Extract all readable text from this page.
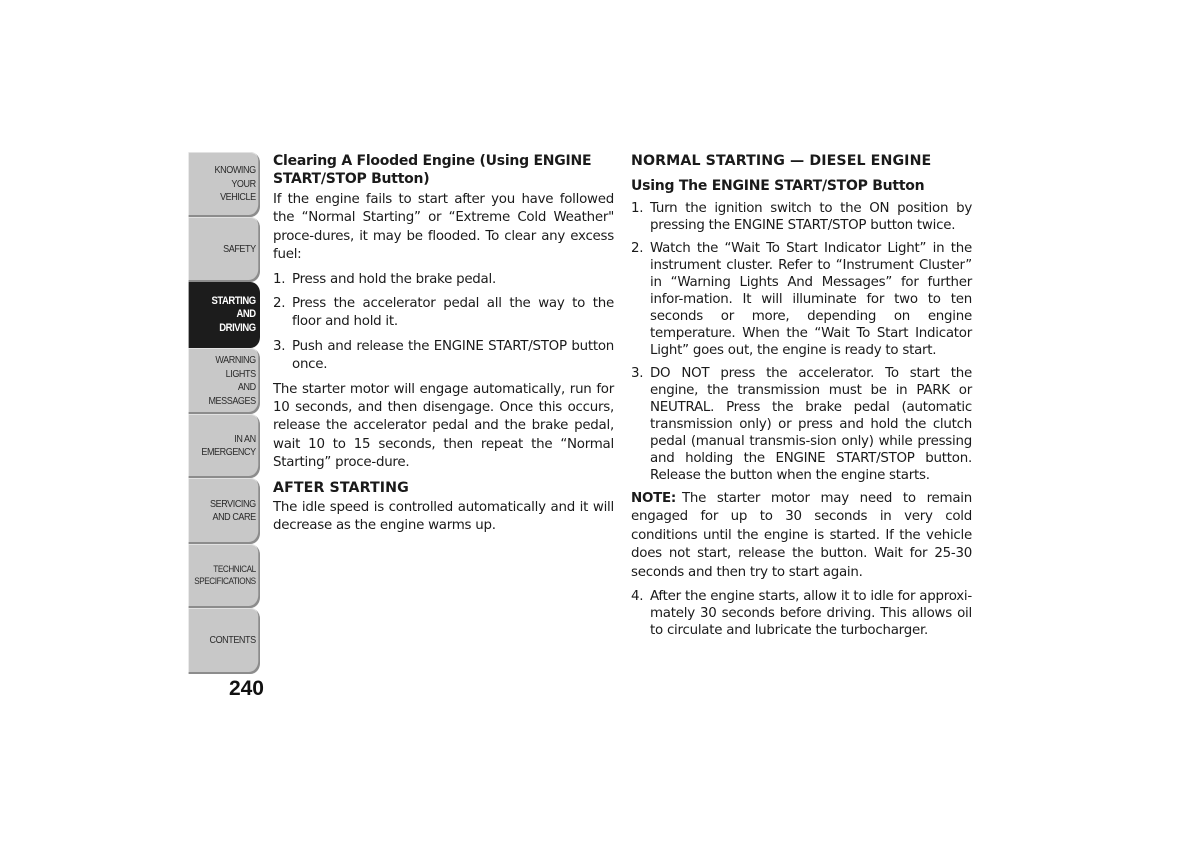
KNOWING
YOUR
VEHICLE
SAFETY
STARTING
AND
DRIVING
WARNING
LIGHTS
AND
MESSAGES
IN AN
EMERGENCY
SERVICING
AND CARE
TECHNICAL
SPECIFICATIONS
CONTENTS
240
Clearing A Flooded Engine (Using ENGINE START/STOP Button)

If the engine fails to start after you have followed the “Normal Starting” or “Extreme Cold Weather" proce-dures, it may be flooded. To clear any excess fuel:

1. Press and hold the brake pedal.
2. Press the accelerator pedal all the way to the floor and hold it.
3. Push and release the ENGINE START/STOP button once.

The starter motor will engage automatically, run for 10 seconds, and then disengage. Once this occurs, release the accelerator pedal and the brake pedal, wait 10 to 15 seconds, then repeat the “Normal Starting” proce-dure.

AFTER STARTING

The idle speed is controlled automatically and it will decrease as the engine warms up.

NORMAL STARTING — DIESEL ENGINE
Using The ENGINE START/STOP Button
1. Turn the ignition switch to the ON position by pressing the ENGINE START/STOP button twice.
2. Watch the “Wait To Start Indicator Light” in the instrument cluster. Refer to “Instrument Cluster” in “Warning Lights And Messages” for further infor-mation. It will illuminate for two to ten seconds or more, depending on engine temperature. When the “Wait To Start Indicator Light” goes out, the engine is ready to start.
3. DO NOT press the accelerator. To start the engine, the transmission must be in PARK or NEUTRAL. Press the brake pedal (automatic transmission only) or press and hold the clutch pedal (manual transmis-sion only) while pressing and holding the ENGINE START/STOP button. Release the button when the engine starts.

NOTE: The starter motor may need to remain engaged for up to 30 seconds in very cold conditions until the engine is started. If the vehicle does not start, release the button. Wait for 25-30 seconds and then try to start again.

4. After the engine starts, allow it to idle for approxi-mately 30 seconds before driving. This allows oil to circulate and lubricate the turbocharger.
